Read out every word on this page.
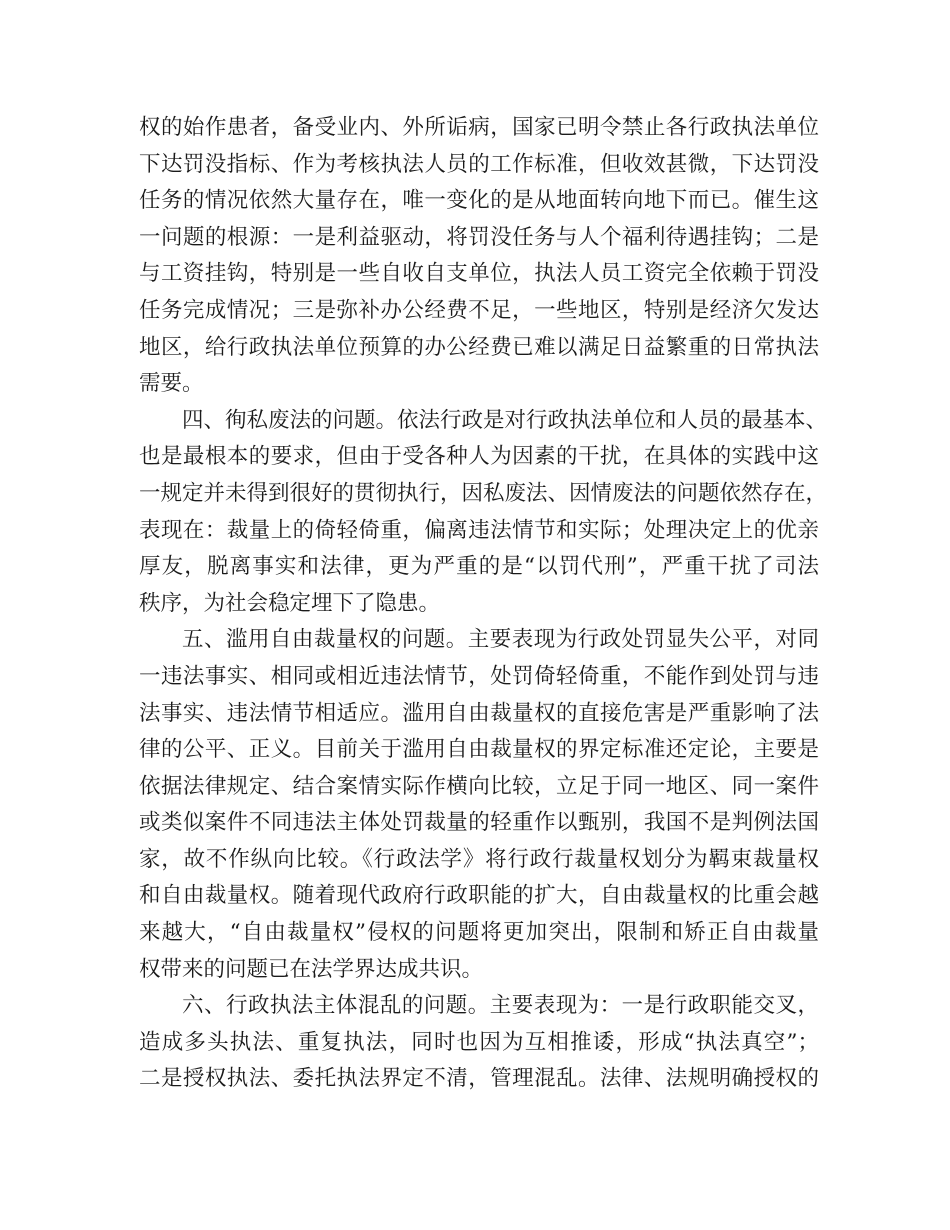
权的始作患者，备受业内、外所诟病，国家已明令禁止各行政执法单位
下达罚没指标、作为考核执法人员的工作标准，但收效甚微，下达罚没
任务的情况依然大量存在，唯一变化的是从地面转向地下而已。催生这
一问题的根源：一是利益驱动，将罚没任务与人个福利待遇挂钩；二是
与工资挂钩，特别是一些自收自支单位，执法人员工资完全依赖于罚没
任务完成情况；三是弥补办公经费不足，一些地区，特别是经济欠发达
地区，给行政执法单位预算的办公经费已难以满足日益繁重的日常执法
需要。
四、徇私废法的问题。依法行政是对行政执法单位和人员的最基本、
也是最根本的要求，但由于受各种人为因素的干扰，在具体的实践中这
一规定并未得到很好的贯彻执行，因私废法、因情废法的问题依然存在，
表现在：裁量上的倚轻倚重，偏离违法情节和实际；处理决定上的优亲
厚友，脱离事实和法律，更为严重的是“以罚代刑”，严重干扰了司法
秩序，为社会稳定埋下了隐患。
五、滥用自由裁量权的问题。主要表现为行政处罚显失公平，对同
一违法事实、相同或相近违法情节，处罚倚轻倚重，不能作到处罚与违
法事实、违法情节相适应。滥用自由裁量权的直接危害是严重影响了法
律的公平、正义。目前关于滥用自由裁量权的界定标准还定论，主要是
依据法律规定、结合案情实际作横向比较，立足于同一地区、同一案件
或类似案件不同违法主体处罚裁量的轻重作以甄别，我国不是判例法国
家，故不作纵向比较。《行政法学》将行政行裁量权划分为羁束裁量权
和自由裁量权。随着现代政府行政职能的扩大，自由裁量权的比重会越
来越大，“自由裁量权”侵权的问题将更加突出，限制和矫正自由裁量
权带来的问题已在法学界达成共识。
六、行政执法主体混乱的问题。主要表现为：一是行政职能交叉，
造成多头执法、重复执法，同时也因为互相推诿，形成“执法真空”；
二是授权执法、委托执法界定不清，管理混乱。法律、法规明确授权的
